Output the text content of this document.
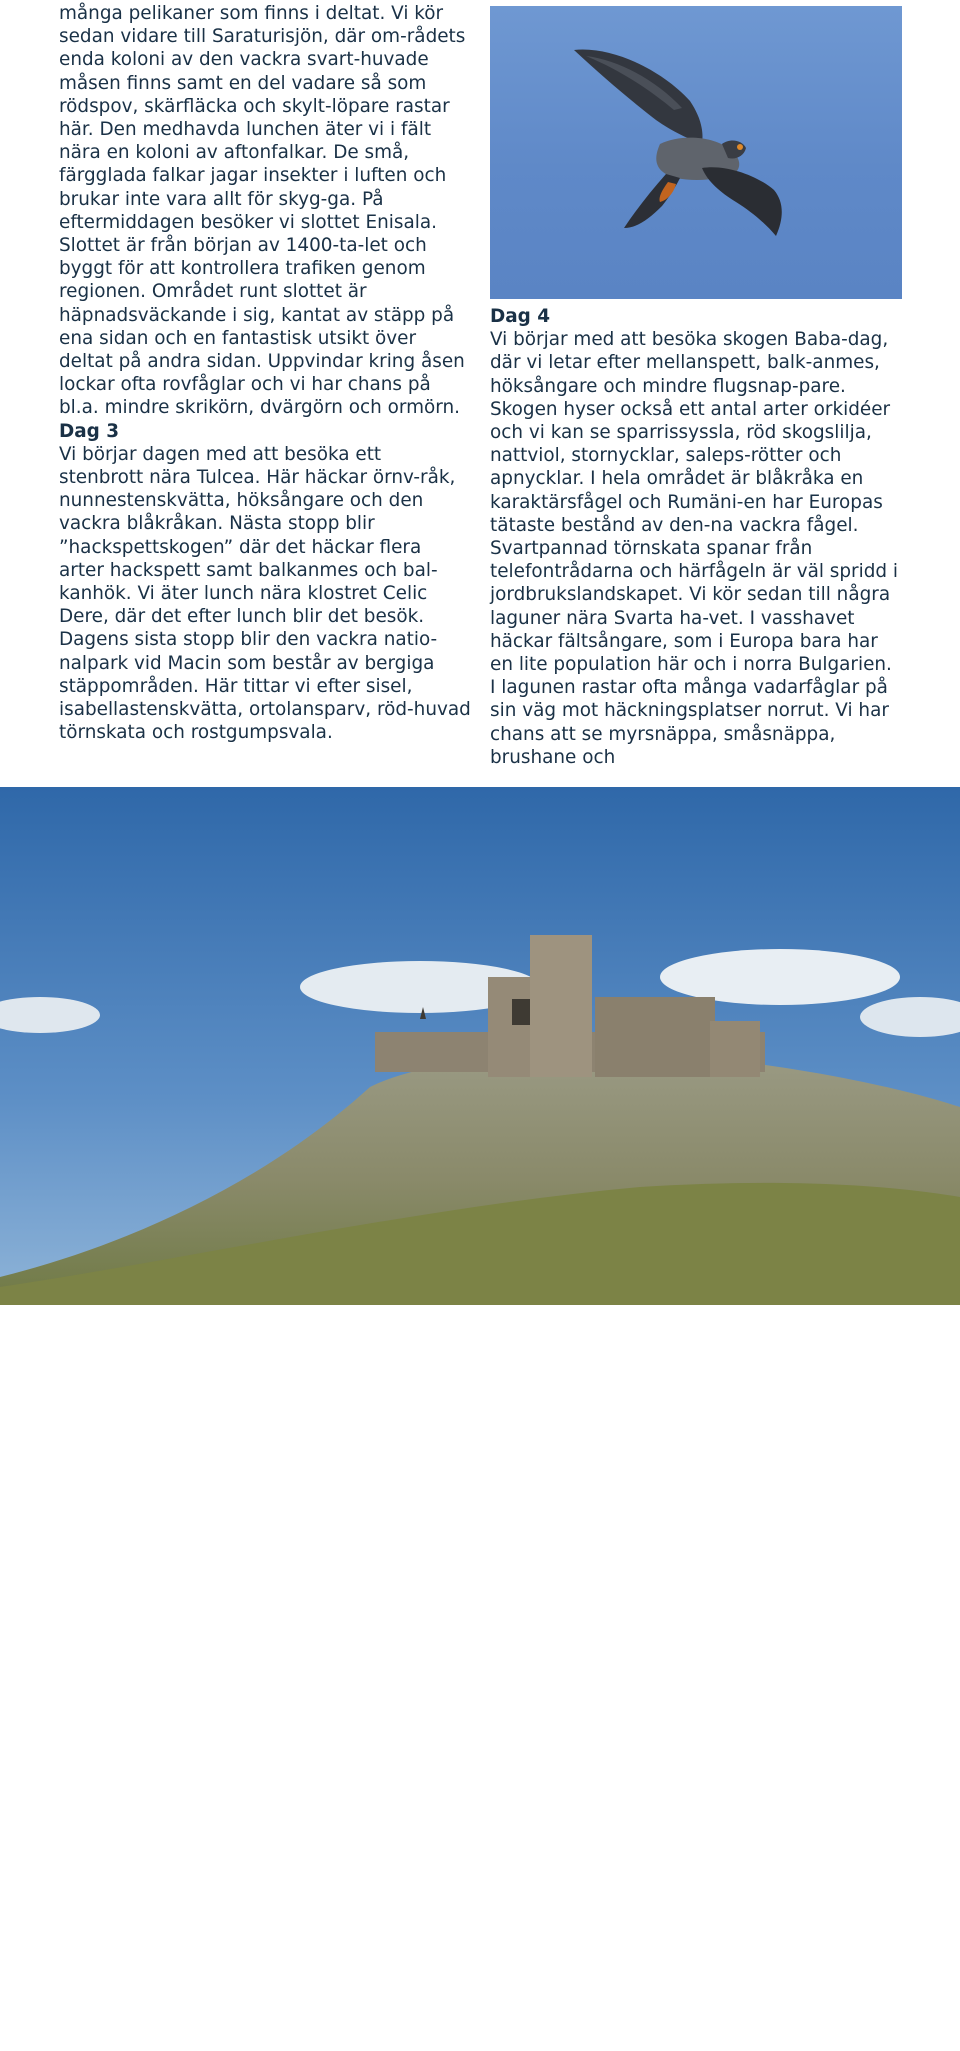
många pelikaner som finns i deltat. Vi kör sedan vidare till Saraturisjön, där om-rådets enda koloni av den vackra svart-huvade måsen finns samt en del vadare så som rödspov, skärfläcka och skylt-löpare rastar här. Den medhavda lunchen äter vi i fält nära en koloni av aftonfalkar. De små, färgglada falkar jagar insekter i luften och brukar inte vara allt för skyg-ga. På eftermiddagen besöker vi slottet Enisala. Slottet är från början av 1400-ta-let och byggt för att kontrollera trafiken genom regionen. Området runt slottet är häpnadsväckande i sig, kantat av stäpp på ena sidan och en fantastisk utsikt över deltat på andra sidan. Uppvindar kring åsen lockar ofta rovfåglar och vi har chans på bl.a. mindre skrikörn, dvärgörn och ormörn.

Dag 3

Vi börjar dagen med att besöka ett stenbrott nära Tulcea. Här häckar örnv-råk, nunnestenskvätta, höksångare och den vackra blåkråkan. Nästa stopp blir ”hackspettskogen” där det häckar flera arter hackspett samt balkanmes och bal-kanhök. Vi äter lunch nära klostret Celic Dere, där det efter lunch blir det besök. Dagens sista stopp blir den vackra natio-nalpark vid Macin som består av bergiga stäppområden. Här tittar vi efter sisel, isabellastenskvätta, ortolansparv, röd-huvad törnskata och rostgumpsvala.

Dag 4

Vi börjar med att besöka skogen Baba-dag, där vi letar efter mellanspett, balk-anmes, höksångare och mindre flugsnap-pare. Skogen hyser också ett antal arter orkidéer och vi kan se sparrissyssla, röd skogslilja, nattviol, stornycklar, saleps-rötter och apnycklar. I hela området är blåkråka en karaktärsfågel och Rumäni-en har Europas tätaste bestånd av den-na vackra fågel. Svartpannad törnskata spanar från telefontrådarna och härfågeln är väl spridd i jordbrukslandskapet. Vi kör sedan till några laguner nära Svarta ha-vet. I vasshavet häckar fältsångare, som i Europa bara har en lite population här och i norra Bulgarien. I lagunen rastar ofta många vadarfåglar på sin väg mot häckningsplatser norrut. Vi har chans att se myrsnäppa, småsnäppa, brushane och

Enisala borgen
